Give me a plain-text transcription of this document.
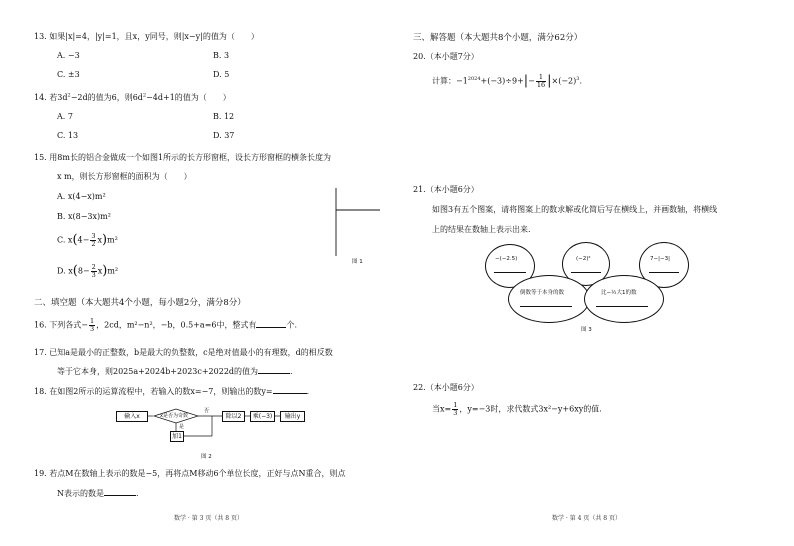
13. 如果|x|=4，|y|=1，且x，y同号，则|x−y|的值为（　　）
A. −3	B. 3
C. ±3	D. 5
14. 若$3d^2-2d$的值为6，则$6d^2-4d+1$的值为（　　）
A. 7	B. 12
C. 13	D. 37
15. 用8m长的铝合金做成一个如图1所示的长方形窗框，设长方形窗框的横条长度为
x m，则长方形窗框的面积为（　　）
A. x(4−x)m²
B. x(8−3x)m²
C. $x(4- \frac{3}{2} x)m^2$
D. $x(8- \frac{2}{3} x)m^2$
图 1
二、填空题（本大题共4个小题，每小题2分，满分8分）
16. 下列各式− $\frac{1}{3}$ ，2cd，m²−n²，−b，0.5+a=6中，整式有	个.
17. 已知a是最小的正整数，b是最大的负整数，c是绝对值最小的有理数，d的相反数
等于它本身，则2025a+2024b+2023c+2022d的值为	.
18. 在如图2所示的运算流程中，若输入的数x=−7，则输出的数y=	.
输入x	x是否为奇数
否
是
除以2	乘(−3)	输出y
加1
图 2
19. 若点M在数轴上表示的数是−5，再将点M移动6个单位长度，正好与点N重合，则点
N表示的数是	.
数学 · 第 3 页（共 8 页）
三、解答题（本大题共8个小题，满分62分）
20.（本小题7分）
计算：$-1^{2024}+(-3)\div 9+|- \frac{1}{16} |\times(-2)^3$.
21.（本小题6分）
如图3有五个图案，请将图案上的数求解或化简后写在横线上，并画数轴，将横线
上的结果在数轴上表示出来.
−(−2.5)	(−2)²	7−|−3|
倒数等于本身的数	比−½大1的数
图 3
22.（本小题6分）
当$x= \frac{1}{3}$ ，y=−3时，求代数式3x²−y+6xy的值.
数学 · 第 4 页（共 8 页）
